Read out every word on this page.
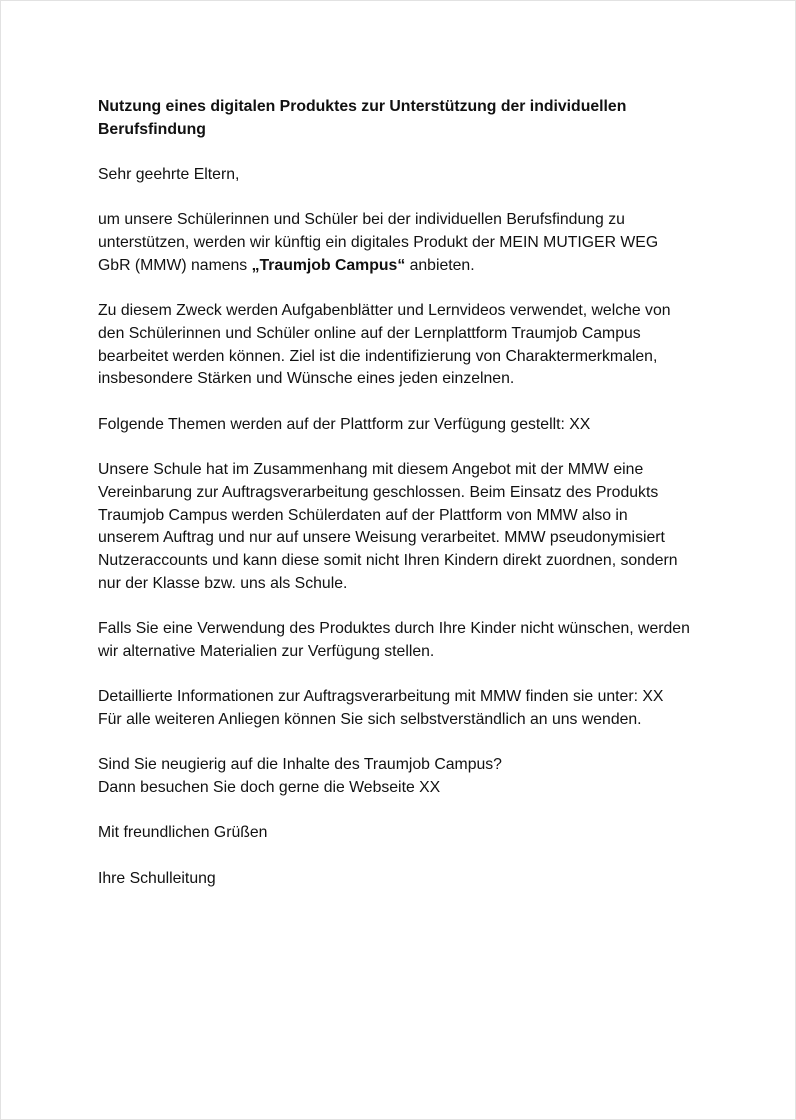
Nutzung eines digitalen Produktes zur Unterstützung der individuellen
Berufsfindung
Sehr geehrte Eltern,
um unsere Schülerinnen und Schüler bei der individuellen Berufsfindung zu
unterstützen, werden wir künftig ein digitales Produkt der MEIN MUTIGER WEG
GbR (MMW) namens „Traumjob Campus“ anbieten.
Zu diesem Zweck werden Aufgabenblätter und Lernvideos verwendet, welche von
den Schülerinnen und Schüler online auf der Lernplattform Traumjob Campus
bearbeitet werden können. Ziel ist die indentifizierung von Charaktermerkmalen,
insbesondere Stärken und Wünsche eines jeden einzelnen.
Folgende Themen werden auf der Plattform zur Verfügung gestellt: XX
Unsere Schule hat im Zusammenhang mit diesem Angebot mit der MMW eine
Vereinbarung zur Auftragsverarbeitung geschlossen. Beim Einsatz des Produkts
Traumjob Campus werden Schülerdaten auf der Plattform von MMW also in
unserem Auftrag und nur auf unsere Weisung verarbeitet. MMW pseudonymisiert
Nutzeraccounts und kann diese somit nicht Ihren Kindern direkt zuordnen, sondern
nur der Klasse bzw. uns als Schule.
Falls Sie eine Verwendung des Produktes durch Ihre Kinder nicht wünschen, werden
wir alternative Materialien zur Verfügung stellen.
Detaillierte Informationen zur Auftragsverarbeitung mit MMW finden sie unter: XX
Für alle weiteren Anliegen können Sie sich selbstverständlich an uns wenden.
Sind Sie neugierig auf die Inhalte des Traumjob Campus?
Dann besuchen Sie doch gerne die Webseite XX
Mit freundlichen Grüßen
Ihre Schulleitung
